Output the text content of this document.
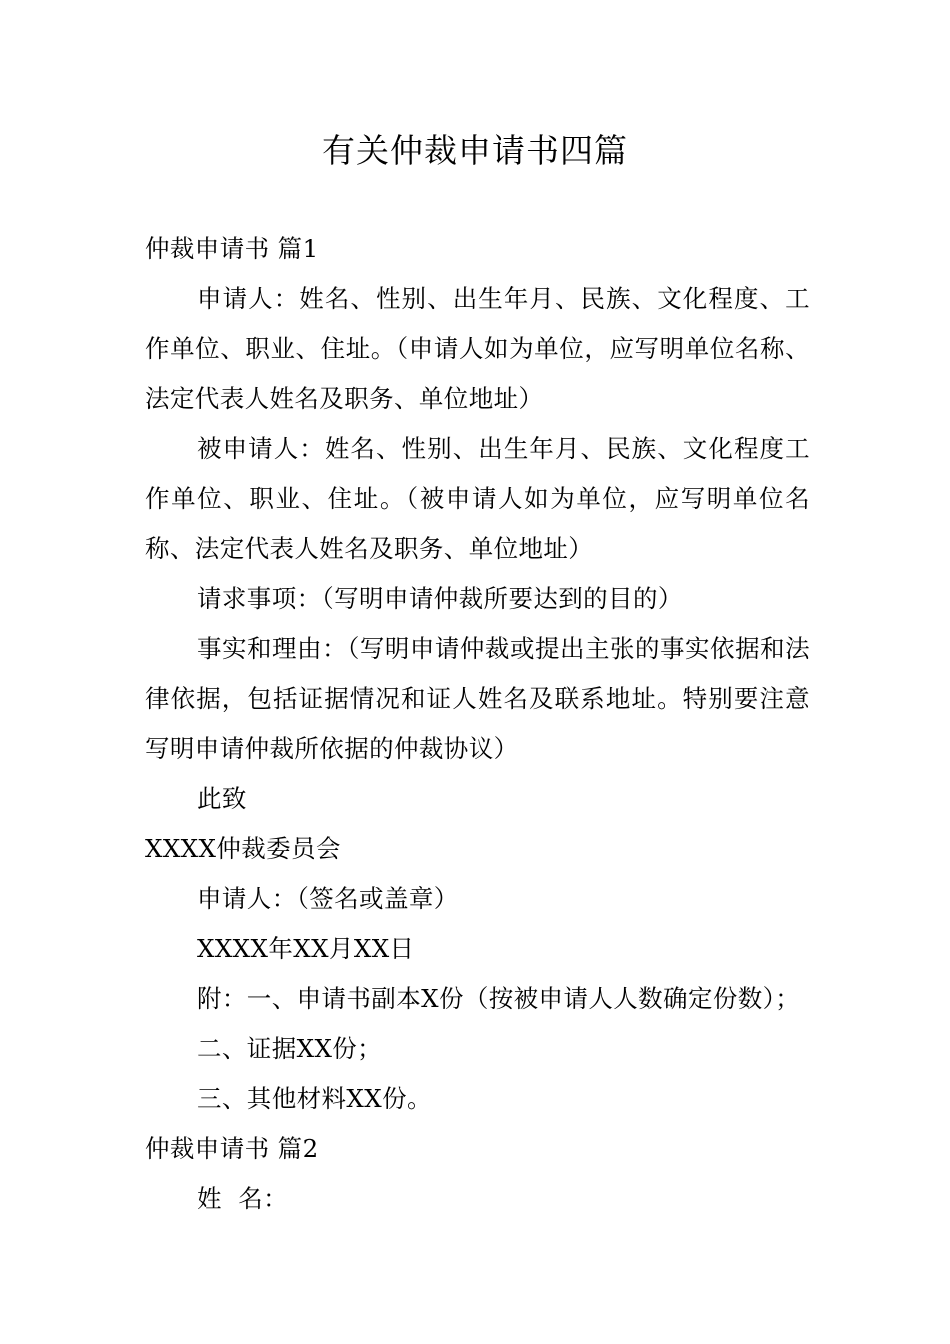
有关仲裁申请书四篇

仲裁申请书 篇1

申请人：姓名、性别、出生年月、民族、文化程度、工作单位、职业、住址。（申请人如为单位，应写明单位名称、法定代表人姓名及职务、单位地址）

被申请人：姓名、性别、出生年月、民族、文化程度工作单位、职业、住址。（被申请人如为单位，应写明单位名称、法定代表人姓名及职务、单位地址）

请求事项：（写明申请仲裁所要达到的目的）

事实和理由：（写明申请仲裁或提出主张的事实依据和法律依据，包括证据情况和证人姓名及联系地址。特别要注意写明申请仲裁所依据的仲裁协议）

此致

XXXX仲裁委员会

申请人：（签名或盖章）

XXXX年XX月XX日

附：一、申请书副本X份（按被申请人人数确定份数）；

二、证据XX份；

三、其他材料XX份。

仲裁申请书 篇2

姓  名：
